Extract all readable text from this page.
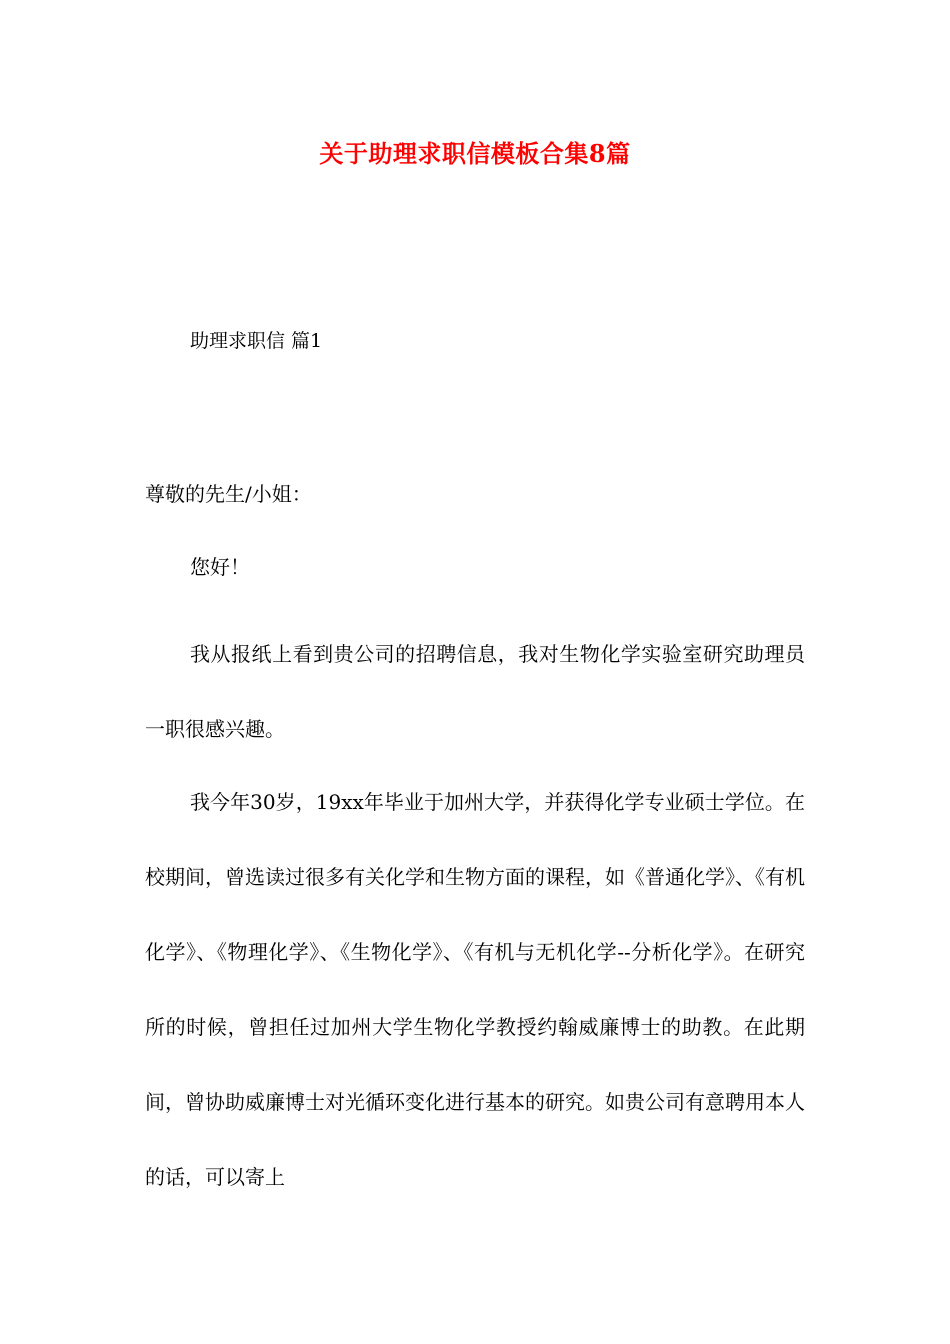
关于助理求职信模板合集8篇
助理求职信 篇1

尊敬的先生/小姐：

您好！

我从报纸上看到贵公司的招聘信息，我对生物化学实验室研究助理员一职很感兴趣。

我今年30岁，19xx年毕业于加州大学，并获得化学专业硕士学位。在校期间，曾选读过很多有关化学和生物方面的课程，如《普通化学》、《有机化学》、《物理化学》、《生物化学》、《有机与无机化学--分析化学》。在研究所的时候，曾担任过加州大学生物化学教授约翰威廉博士的助教。在此期间，曾协助威廉博士对光循环变化进行基本的研究。如贵公司有意聘用本人的话，可以寄上
